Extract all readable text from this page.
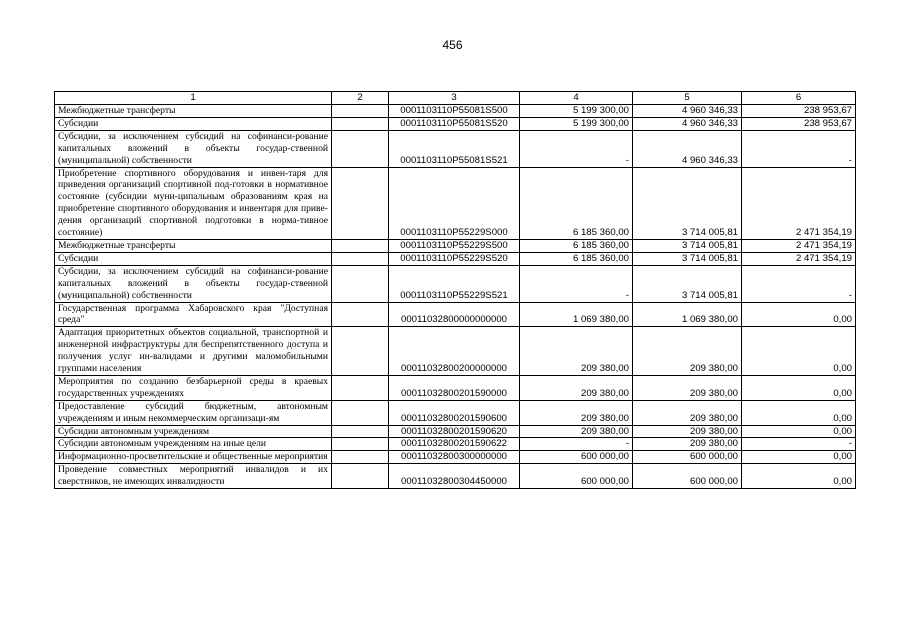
456
1	2	3	4	5	6
Межбюджетные трансферты		0001103110P55081S500	5 199 300,00	4 960 346,33	238 953,67
Субсидии		0001103110P55081S520	5 199 300,00	4 960 346,33	238 953,67
Субсидии, за исключением субсидий на софинанси-рование капитальных вложений в объекты государ-ственной (муниципальной) собственности		0001103110P55081S521	-	4 960 346,33	-
Приобретение спортивного оборудования и инвен-таря для приведения организаций спортивной под-готовки в нормативное состояние (субсидии муни-ципальным образованиям края на приобретение спортивного оборудования и инвентаря для приве-дения организаций спортивной подготовки в норма-тивное состояние)		0001103110P55229S000	6 185 360,00	3 714 005,81	2 471 354,19
Межбюджетные трансферты		0001103110P55229S500	6 185 360,00	3 714 005,81	2 471 354,19
Субсидии		0001103110P55229S520	6 185 360,00	3 714 005,81	2 471 354,19
Субсидии, за исключением субсидий на софинанси-рование капитальных вложений в объекты государ-ственной (муниципальной) собственности		0001103110P55229S521	-	3 714 005,81	-
Государственная программа Хабаровского края "Доступная среда"		00011032800000000000	1 069 380,00	1 069 380,00	0,00
Адаптация приоритетных объектов социальной, транспортной и инженерной инфраструктуры для беспрепятственного доступа и получения услуг ин-валидами и другими маломобильными группами населения		00011032800200000000	209 380,00	209 380,00	0,00
Мероприятия по созданию безбарьерной среды в краевых государственных учреждениях		00011032800201590000	209 380,00	209 380,00	0,00
Предоставление субсидий бюджетным, автономным учреждениям и иным некоммерческим организаци-ям		00011032800201590600	209 380,00	209 380,00	0,00
Субсидии автономным учреждениям		00011032800201590620	209 380,00	209 380,00	0,00
Субсидии автономным учреждениям на иные цели		00011032800201590622	-	209 380,00	-
Информационно-просветительские и общественные мероприятия		00011032800300000000	600 000,00	600 000,00	0,00
Проведение совместных мероприятий инвалидов и их сверстников, не имеющих инвалидности		00011032800304450000	600 000,00	600 000,00	0,00
